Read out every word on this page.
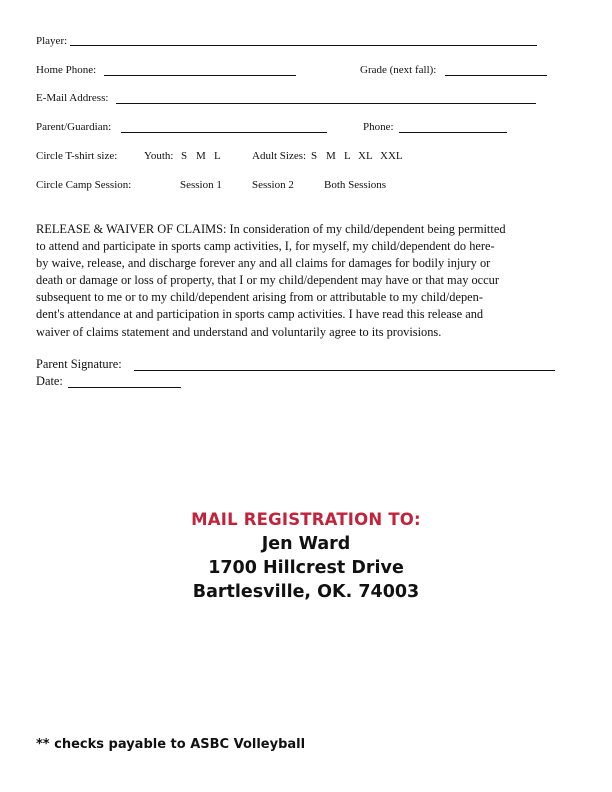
Player:
Home Phone:	Grade (next fall):
E-Mail Address:
Parent/Guardian:	Phone:
Circle T-shirt size: Youth: S M L	Adult Sizes: S M L XL XXL
Circle Camp Session:	Session 1	Session 2	Both Sessions
RELEASE & WAIVER OF CLAIMS: In consideration of my child/dependent being permitted
to attend and participate in sports camp activities, I, for myself, my child/dependent do here-
by waive, release, and discharge forever any and all claims for damages for bodily injury or
death or damage or loss of property, that I or my child/dependent may have or that may occur
subsequent to me or to my child/dependent arising from or attributable to my child/depen-
dent's attendance at and participation in sports camp activities. I have read this release and
waiver of claims statement and understand and voluntarily agree to its provisions.
Parent Signature:
Date:
MAIL REGISTRATION TO:
Jen Ward
1700 Hillcrest Drive
Bartlesville, OK. 74003
** checks payable to ASBC Volleyball
